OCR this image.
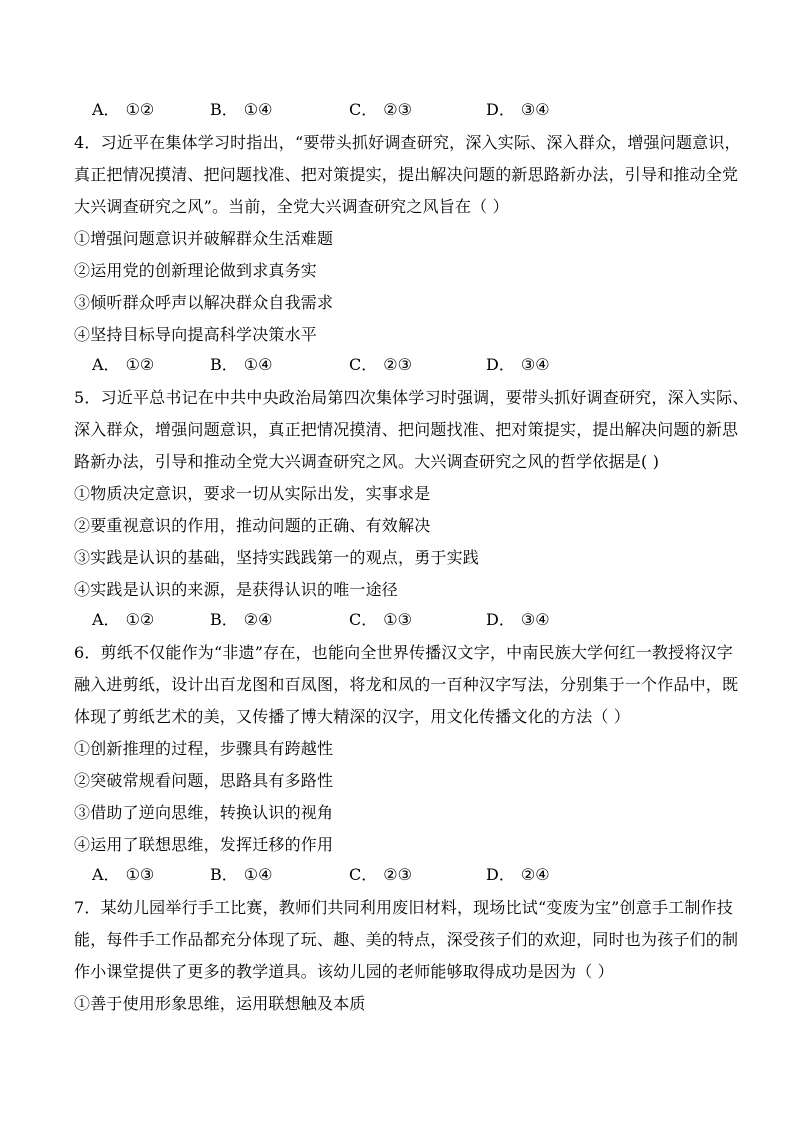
A． ①②	B． ①④	C． ②③	D． ③④
4．习近平在集体学习时指出，“要带头抓好调查研究，深入实际、深入群众，增强问题意识，
真正把情况摸清、把问题找准、把对策提实，提出解决问题的新思路新办法，引导和推动全党
大兴调查研究之风”。当前，全党大兴调查研究之风旨在（ ）
①增强问题意识并破解群众生活难题
②运用党的创新理论做到求真务实
③倾听群众呼声以解决群众自我需求
④坚持目标导向提高科学决策水平
A． ①②	B． ①④	C． ②③	D． ③④
5．习近平总书记在中共中央政治局第四次集体学习时强调，要带头抓好调查研究，深入实际、
深入群众，增强问题意识，真正把情况摸清、把问题找准、把对策提实，提出解决问题的新思
路新办法，引导和推动全党大兴调查研究之风。大兴调查研究之风的哲学依据是( )
①物质决定意识，要求一切从实际出发，实事求是
②要重视意识的作用，推动问题的正确、有效解决
③实践是认识的基础，坚持实践践第一的观点，勇于实践
④实践是认识的来源，是获得认识的唯一途径
A． ①②	B． ②④	C． ①③	D． ③④
6．剪纸不仅能作为“非遗”存在，也能向全世界传播汉文字，中南民族大学何红一教授将汉字
融入进剪纸，设计出百龙图和百凤图，将龙和凤的一百种汉字写法，分别集于一个作品中，既
体现了剪纸艺术的美，又传播了博大精深的汉字，用文化传播文化的方法（ ）
①创新推理的过程，步骤具有跨越性
②突破常规看问题，思路具有多路性
③借助了逆向思维，转换认识的视角
④运用了联想思维，发挥迁移的作用
A． ①③	B． ①④	C． ②③	D． ②④
7．某幼儿园举行手工比赛，教师们共同利用废旧材料，现场比试“变废为宝”创意手工制作技
能，每件手工作品都充分体现了玩、趣、美的特点，深受孩子们的欢迎，同时也为孩子们的制
作小课堂提供了更多的教学道具。该幼儿园的老师能够取得成功是因为（ ）
①善于使用形象思维，运用联想触及本质
